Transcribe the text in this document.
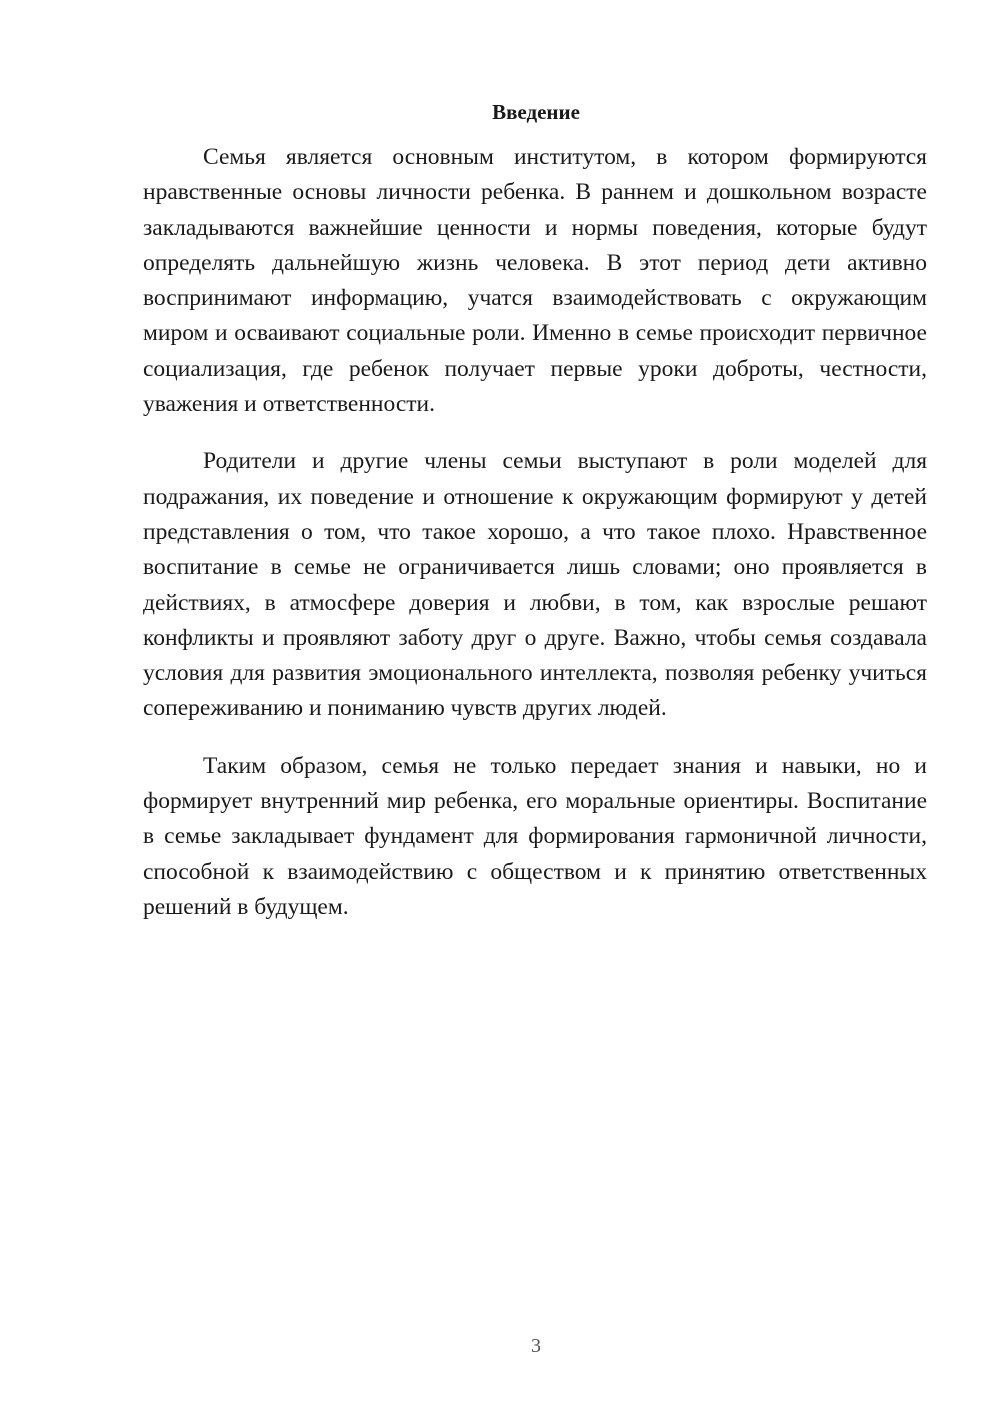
Введение

Семья является основным институтом, в котором формируются нравственные основы личности ребенка. В раннем и дошкольном возрасте закладываются важнейшие ценности и нормы поведения, которые будут определять дальнейшую жизнь человека. В этот период дети активно воспринимают информацию, учатся взаимодействовать с окружающим миром и осваивают социальные роли. Именно в семье происходит первичное социализация, где ребенок получает первые уроки доброты, честности, уважения и ответственности.

Родители и другие члены семьи выступают в роли моделей для подражания, их поведение и отношение к окружающим формируют у детей представления о том, что такое хорошо, а что такое плохо. Нравственное воспитание в семье не ограничивается лишь словами; оно проявляется в действиях, в атмосфере доверия и любви, в том, как взрослые решают конфликты и проявляют заботу друг о друге. Важно, чтобы семья создавала условия для развития эмоционального интеллекта, позволяя ребенку учиться сопереживанию и пониманию чувств других людей.

Таким образом, семья не только передает знания и навыки, но и формирует внутренний мир ребенка, его моральные ориентиры. Воспитание в семье закладывает фундамент для формирования гармоничной личности, способной к взаимодействию с обществом и к принятию ответственных решений в будущем.

3
